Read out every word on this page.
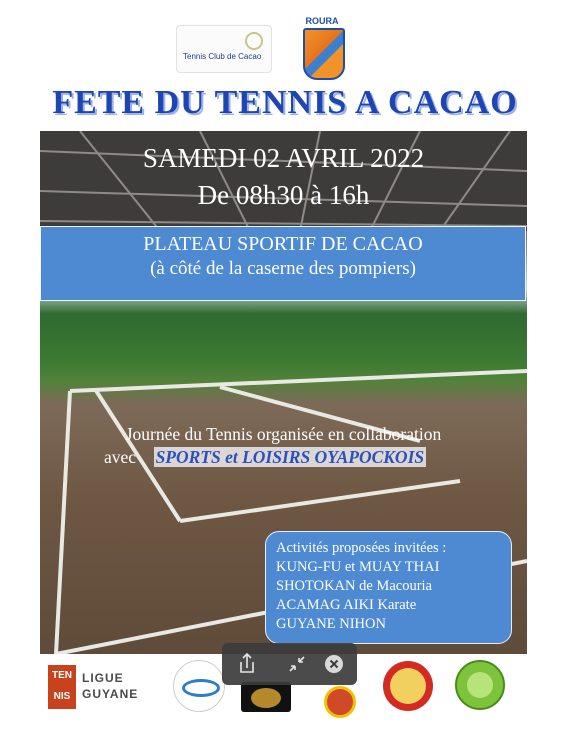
Tennis Club de Cacao
ROURA
FETE DU TENNIS A CACAO
SAMEDI 02 AVRIL 2022
De 08h30 à 16h
PLATEAU SPORTIF DE CACAO
(à côté de la caserne des pompiers)
Journée du Tennis organisée en collaboration
avec SPORTS et LOISIRS OYAPOCKOIS
Activités proposées invitées :
KUNG-FU et MUAY THAI
SHOTOKAN de Macouria
ACAMAG AIKI Karate
GUYANE NIHON
TEN
NIS
LIGUE
GUYANE
